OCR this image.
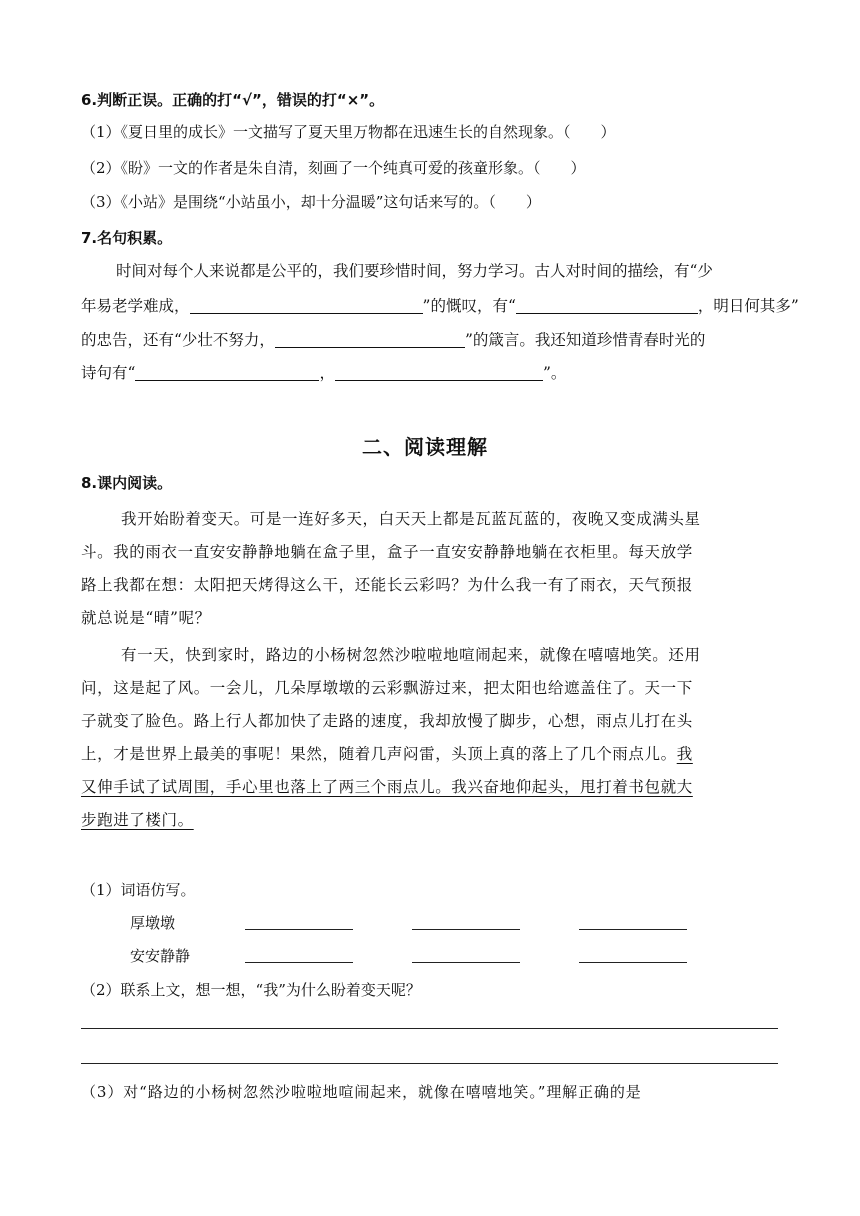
6.判断正误。正确的打“√”，错误的打“×”。
（1）《夏日里的成长》一文描写了夏天里万物都在迅速生长的自然现象。（　　）
（2）《盼》一文的作者是朱自清，刻画了一个纯真可爱的孩童形象。（　　）
（3）《小站》是围绕“小站虽小，却十分温暖”这句话来写的。（　　）
7.名句积累。
时间对每个人来说都是公平的，我们要珍惜时间，努力学习。古人对时间的描绘，有“少
年易老学难成，	”的慨叹，有“	，明日何其多”
的忠告，还有“少壮不努力，	”的箴言。我还知道珍惜青春时光的
诗句有“	，	”。
二、阅读理解
8.课内阅读。
我开始盼着变天。可是一连好多天，白天天上都是瓦蓝瓦蓝的，夜晚又变成满头星
斗。我的雨衣一直安安静静地躺在盒子里，盒子一直安安静静地躺在衣柜里。每天放学
路上我都在想：太阳把天烤得这么干，还能长云彩吗？为什么我一有了雨衣，天气预报
就总说是“晴”呢？
有一天，快到家时，路边的小杨树忽然沙啦啦地喧闹起来，就像在嘻嘻地笑。还用
问，这是起了风。一会儿，几朵厚墩墩的云彩飘游过来，把太阳也给遮盖住了。天一下
子就变了脸色。路上行人都加快了走路的速度，我却放慢了脚步，心想，雨点儿打在头
上，才是世界上最美的事呢！果然，随着几声闷雷，头顶上真的落上了几个雨点儿。我
又伸手试了试周围，手心里也落上了两三个雨点儿。我兴奋地仰起头，甩打着书包就大
步跑进了楼门。
（1）词语仿写。
厚墩墩
安安静静
（2）联系上文，想一想，“我”为什么盼着变天呢？
（3）对“路边的小杨树忽然沙啦啦地喧闹起来，就像在嘻嘻地笑。”理解正确的是
